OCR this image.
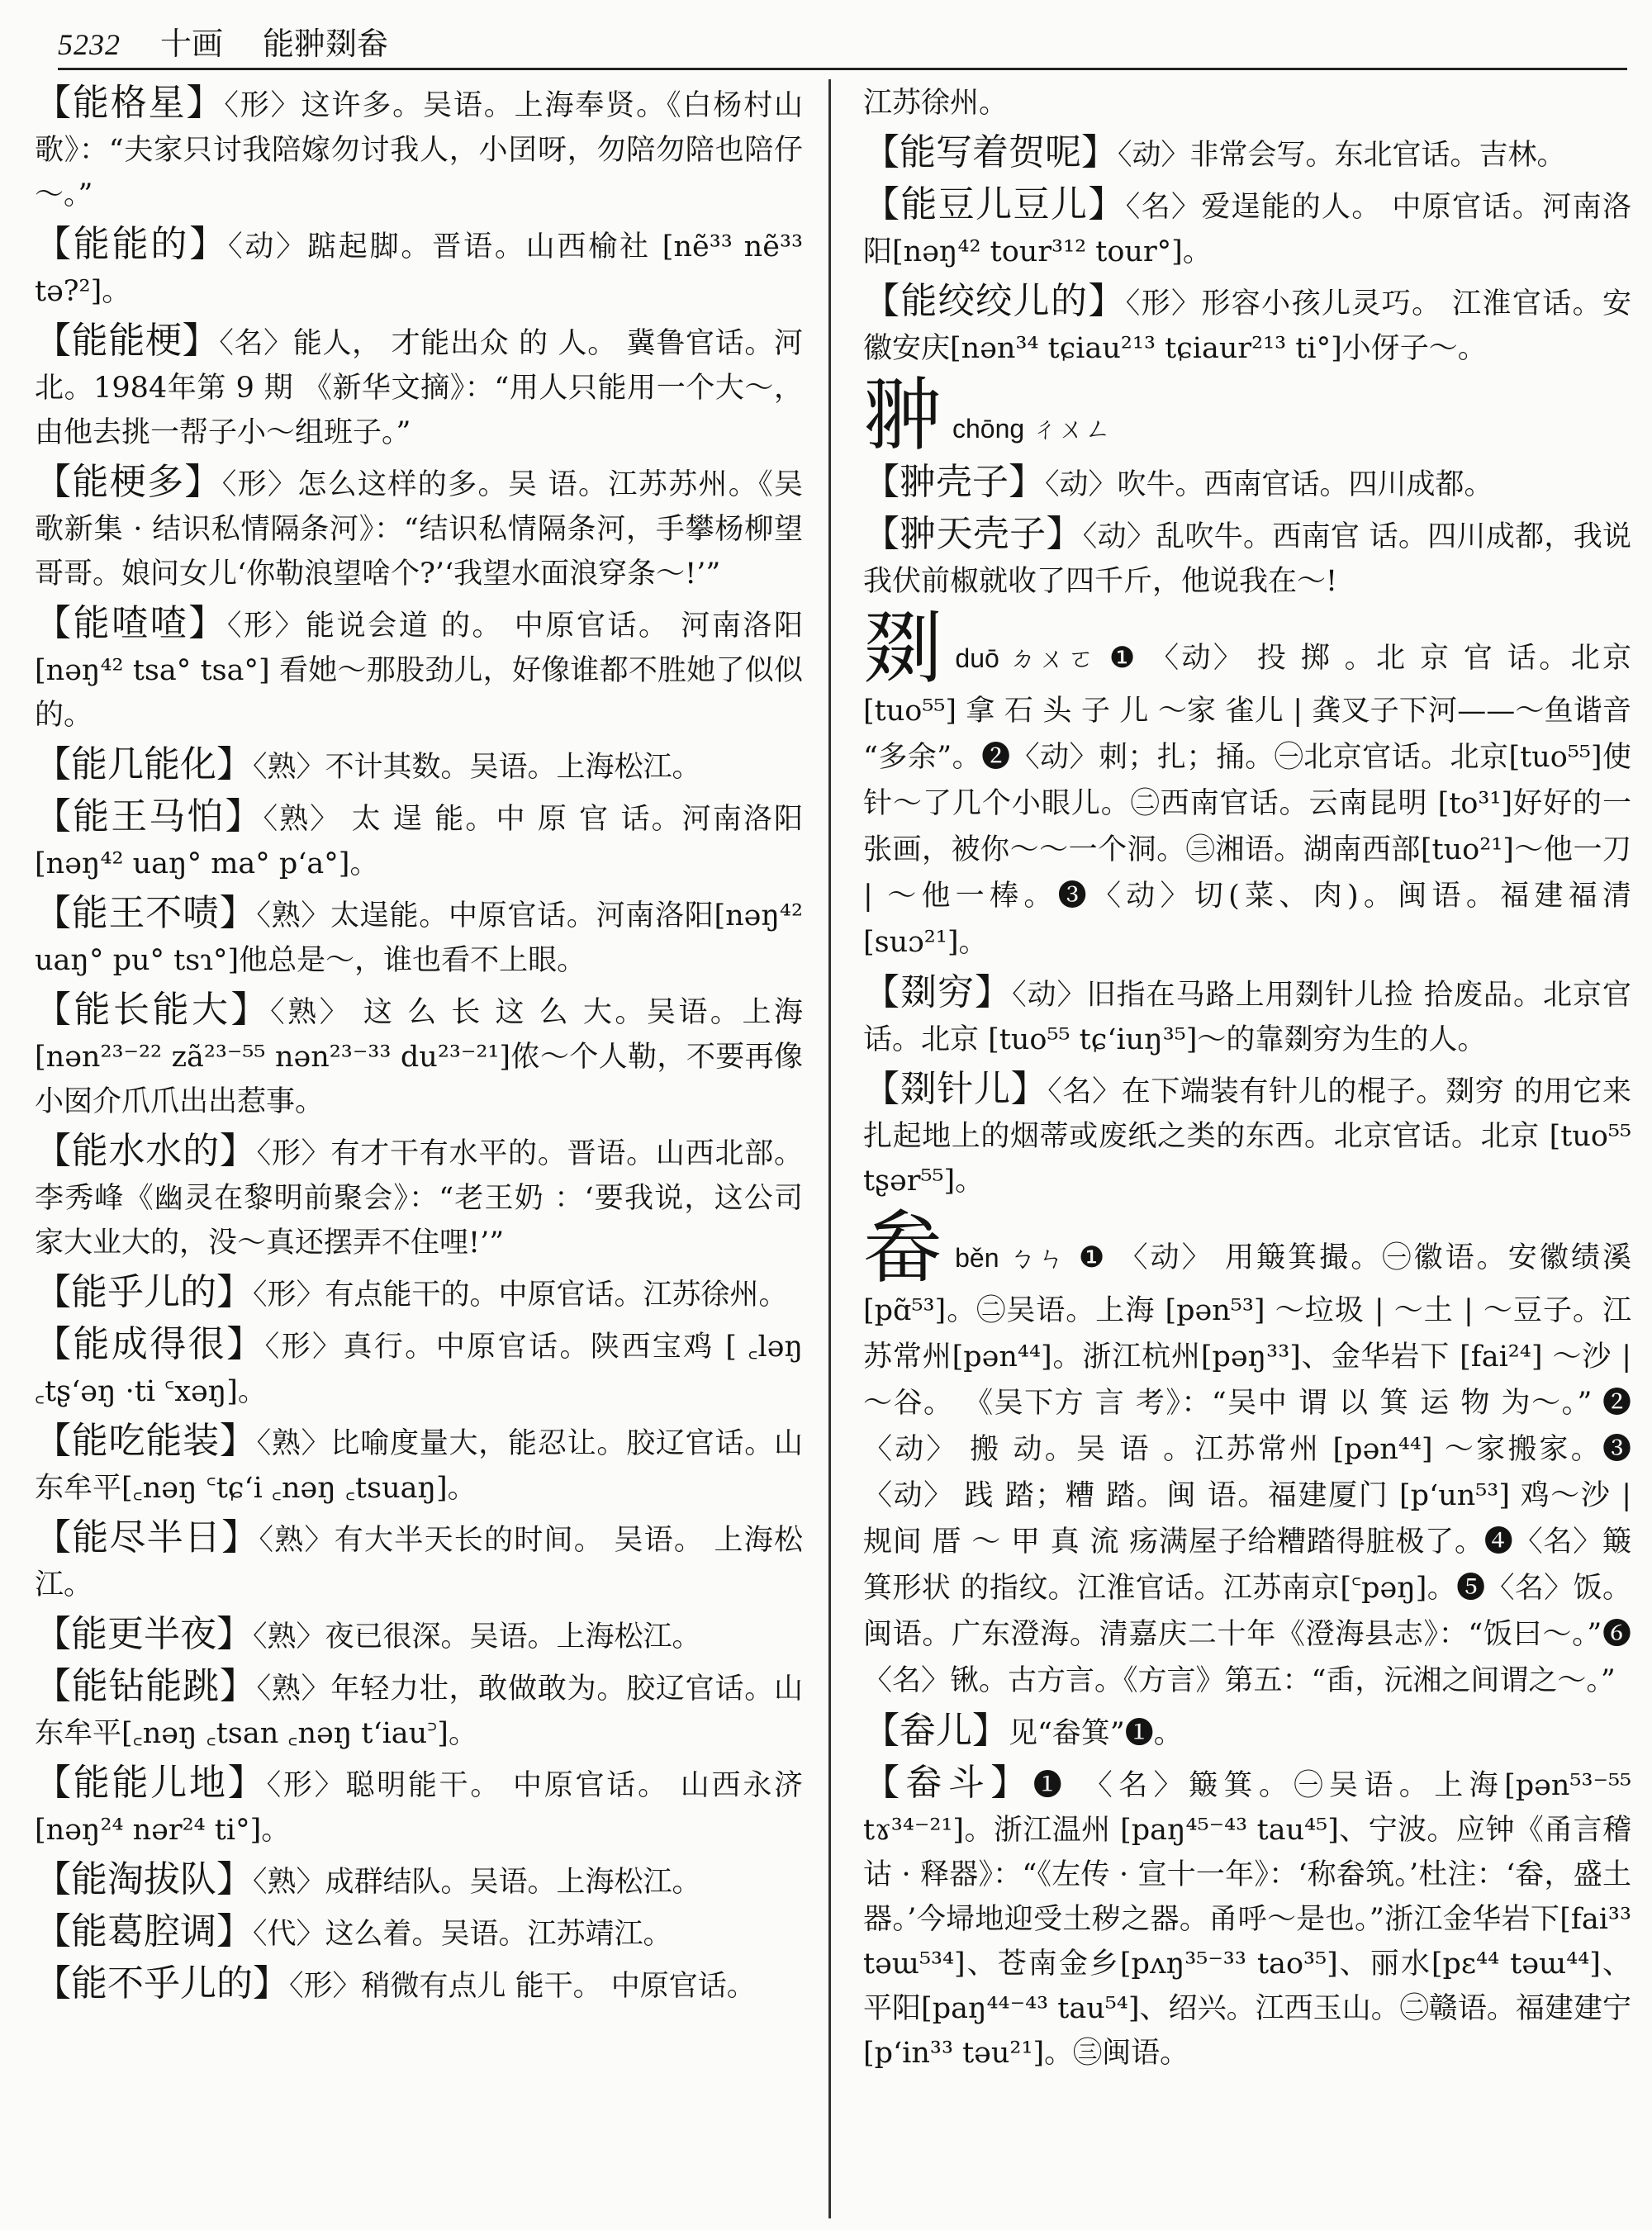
5232 十画 能翀剟畚
【能格星】〈形〉这许多。吴语。上海奉贤。《白杨村山歌》：“夫家只讨我陪嫁勿讨我人，小囝呀，勿陪勿陪也陪仔～。”
【能能的】〈动〉踮起脚。晋语。山西榆社 [nẽ³³ nẽ³³ tə?²]。
【能能梗】〈名〉能人， 才能出众 的 人。 冀鲁官话。河北。1984年第 9 期 《新华文摘》：“用人只能用一个大～，由他去挑一帮子小～组班子。”
【能梗多】〈形〉怎么这样的多。吴 语。江苏苏州。《吴歌新集 · 结识私情隔条河》：“结识私情隔条河，手攀杨柳望哥哥。娘问女儿‘你勒浪望啥个?’‘我望水面浪穿条～!’”
【能喳喳】〈形〉能说会道 的。 中原官话。 河南洛阳 [nəŋ⁴² tsa° tsa°] 看她～那股劲儿，好像谁都不胜她了似似的。
【能几能化】〈熟〉不计其数。吴语。上海松江。
【能王马怕】〈熟〉 太 逞 能。中 原 官 话。河南洛阳 [nəŋ⁴² uaŋ° ma° p‘a°]。
【能王不啧】〈熟〉太逞能。中原官话。河南洛阳[nəŋ⁴² uaŋ° pu° tsɿ°]他总是～，谁也看不上眼。
【能长能大】〈熟〉 这 么 长 这 么 大。吴语。上海 [nən²³⁻²² zã²³⁻⁵⁵ nən²³⁻³³ du²³⁻²¹]侬～个人勒，不要再像小囡介爪爪出出惹事。
【能水水的】〈形〉有才干有水平的。晋语。山西北部。李秀峰《幽灵在黎明前聚会》：“老王奶 ：‘要我说，这公司家大业大的，没～真还摆弄不住哩!’”
【能乎儿的】〈形〉有点能干的。中原官话。江苏徐州。
【能成得很】〈形〉真行。中原官话。陕西宝鸡 [ ꜀ləŋ ꜀tʂ‘əŋ ·ti ꜂xəŋ]。
【能吃能装】〈熟〉比喻度量大，能忍让。胶辽官话。山东牟平[꜀nəŋ ꜂tɕ‘i ꜀nəŋ ꜀tsuaŋ]。
【能尽半日】〈熟〉有大半天长的时间。 吴语。 上海松江。
【能更半夜】〈熟〉夜已很深。吴语。上海松江。
【能钻能跳】〈熟〉年轻力壮，敢做敢为。胶辽官话。山东牟平[꜀nəŋ ꜀tsan ꜀nəŋ t‘iau꜄]。
【能能儿地】〈形〉聪明能干。 中原官话。 山西永济 [nəŋ²⁴ nər²⁴ ti°]。
【能淘拔队】〈熟〉成群结队。吴语。上海松江。
【能葛腔调】〈代〉这么着。吴语。江苏靖江。
【能不乎儿的】〈形〉稍微有点儿 能干。 中原官话。
江苏徐州。
【能写着贺呢】〈动〉非常会写。东北官话。吉林。
【能豆儿豆儿】〈名〉爱逞能的人。 中原官话。河南洛阳[nəŋ⁴² tour³¹² tour°]。
【能绞绞儿的】〈形〉形容小孩儿灵巧。 江淮官话。安徽安庆[nən³⁴ tɕiau²¹³ tɕiaur²¹³ ti°]小伢子～。
翀chōng ㄔㄨㄥ
【翀壳子】〈动〉吹牛。西南官话。四川成都。
【翀天壳子】〈动〉乱吹牛。西南官 话。四川成都，我说我伏前椒就收了四千斤，他说我在～!
剟duō ㄉㄨㄛ ❶ 〈动〉 投 掷 。北 京 官 话。北京 [tuo⁵⁵] 拿 石 头 子 儿 ～家 雀儿 | 龚叉子下河——～鱼谐音 “多余”。❷〈动〉刺；扎；捅。㊀北京官话。北京[tuo⁵⁵]使针～了几个小眼儿。㊁西南官话。云南昆明 [to³¹]好好的一张画，被你～～一个洞。㊂湘语。湖南西部[tuo²¹]～他一刀 | ～他一棒。❸〈动〉切(菜、肉)。闽语。福建福清 [suɔ²¹]。
【剟穷】〈动〉旧指在马路上用剟针儿捡 拾废品。北京官话。北京 [tuo⁵⁵ tɕ‘iuŋ³⁵]～的靠剟穷为生的人。
【剟针儿】〈名〉在下端装有针儿的棍子。剟穷 的用它来扎起地上的烟蒂或废纸之类的东西。北京官话。北京 [tuo⁵⁵ tʂər⁵⁵]。
畚běn ㄅㄣ ❶ 〈动〉 用簸箕撮。㊀徽语。安徽绩溪 [pɑ̃⁵³]。㊁吴语。上海 [pən⁵³] ～垃圾 | ～土 | ～豆子。江苏常州[pən⁴⁴]。浙江杭州[pəŋ³³]、金华岩下 [fai²⁴] ～沙 | ～谷。 《吴下方 言 考》：“吴中 谓 以 箕 运 物 为～。” ❷ 〈动〉 搬 动。吴 语 。江苏常州 [pən⁴⁴] ～家搬家。❸ 〈动〉 践 踏；糟 踏。闽 语。福建厦门 [p‘un⁵³] 鸡～沙 | 规间 厝 ～ 甲 真 流 疡满屋子给糟踏得脏极了。❹〈名〉簸箕形状 的指纹。江淮官话。江苏南京[꜂pəŋ]。❺〈名〉饭。闽语。广东澄海。清嘉庆二十年《澄海县志》：“饭曰～。”❻〈名〉锹。古方言。《方言》第五：“臿，沅湘之间谓之～。”
【畚儿】见“畚箕”❶。
【畚斗】❶ 〈名〉簸箕。㊀吴语。上海[pən⁵³⁻⁵⁵ tɤ³⁴⁻²¹]。浙江温州 [paŋ⁴⁵⁻⁴³ tau⁴⁵]、宁波。应钟《甬言稽诂 · 释器》：“《左传 · 宣十一年》：‘称畚筑。’杜注：‘畚，盛土器。’今埽地迎受土秽之器。甬呼～是也。”浙江金华岩下[fai³³ təɯ⁵³⁴]、苍南金乡[pʌŋ³⁵⁻³³ tao³⁵]、丽水[pɛ⁴⁴ təɯ⁴⁴]、平阳[paŋ⁴⁴⁻⁴³ tau⁵⁴]、绍兴。江西玉山。㊁赣语。福建建宁 [p‘in³³ təu²¹]。㊂闽语。
